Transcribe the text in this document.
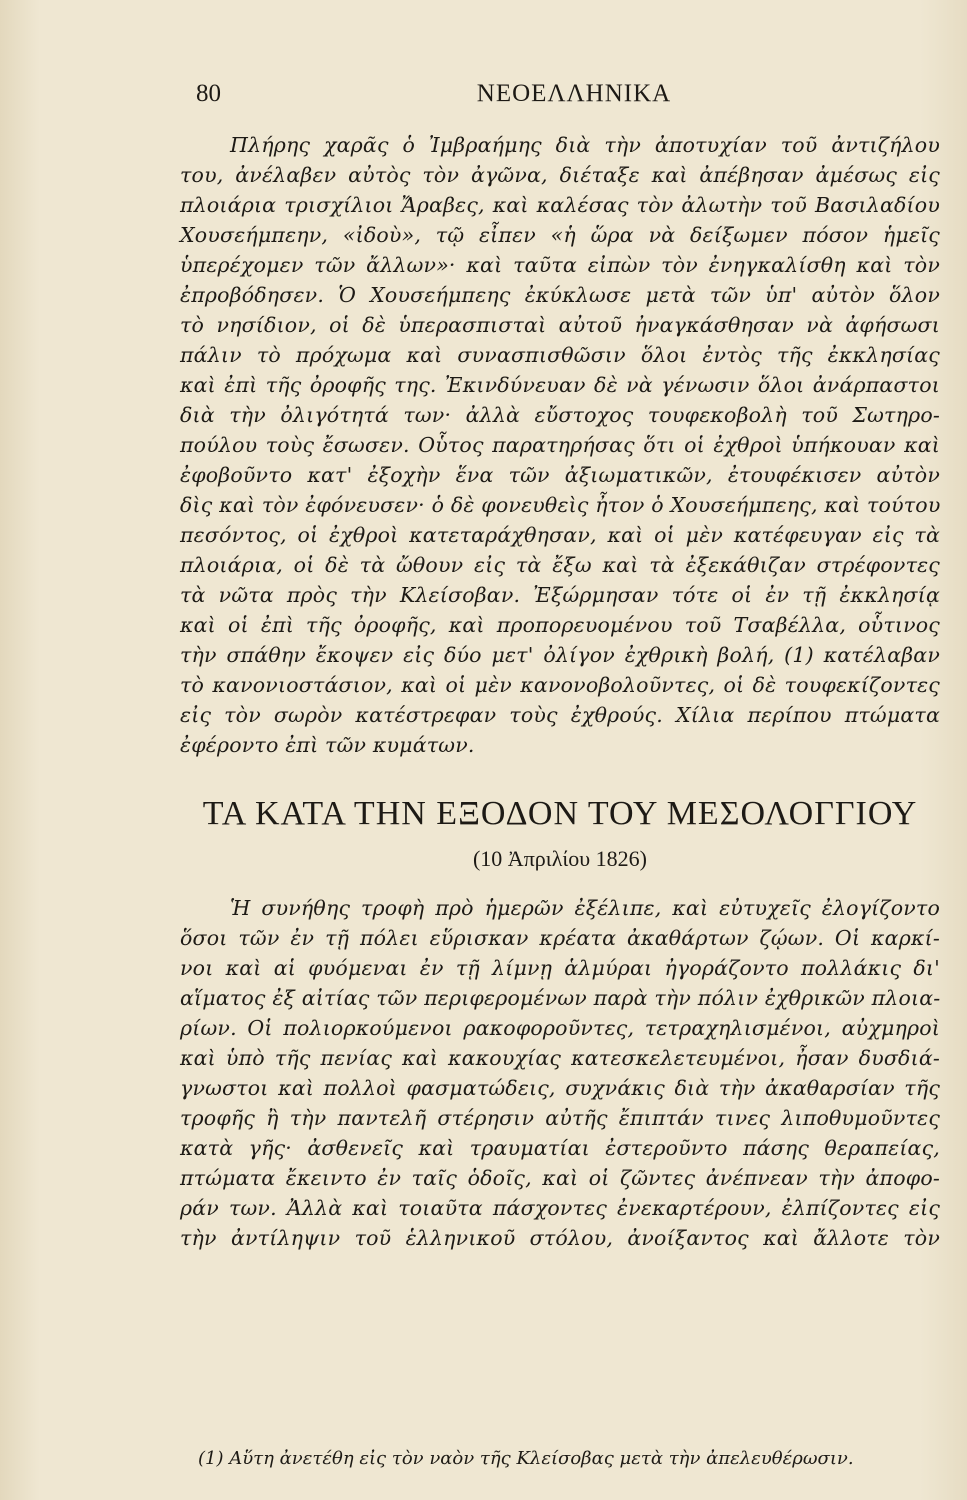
80	ΝΕΟΕΛΛΗΝΙΚΑ
Πλήρης χαρᾶς ὁ Ἰμβραήμης διὰ τὴν ἀποτυχίαν τοῦ ἀντιζήλου
του, ἀνέλαβεν αὐτὸς τὸν ἀγῶνα, διέταξε καὶ ἀπέβησαν ἀμέσως εἰς
πλοιάρια τρισχίλιοι Ἄραβες, καὶ καλέσας τὸν ἀλωτὴν τοῦ Βασιλαδίου
Χουσεήμπεην, «ἰδοὺ», τῷ εἶπεν «ἡ ὥρα νὰ δείξωμεν πόσον ἡμεῖς
ὑπερέχομεν τῶν ἄλλων»· καὶ ταῦτα εἰπὼν τὸν ἐνηγκαλίσθη καὶ τὸν
ἐπροβόδησεν. Ὁ Χουσεήμπεης ἐκύκλωσε μετὰ τῶν ὑπ' αὐτὸν ὅλον
τὸ νησίδιον, οἱ δὲ ὑπερασπισταὶ αὐτοῦ ἠναγκάσθησαν νὰ ἀφήσωσι
πάλιν τὸ πρόχωμα καὶ συνασπισθῶσιν ὅλοι ἐντὸς τῆς ἐκκλησίας
καὶ ἐπὶ τῆς ὀροφῆς της. Ἐκινδύνευαν δὲ νὰ γένωσιν ὅλοι ἀνάρπαστοι
διὰ τὴν ὀλιγότητά των· ἀλλὰ εὔστοχος τουφεκοβολὴ τοῦ Σωτηρο-
πούλου τοὺς ἔσωσεν. Οὗτος παρατηρήσας ὅτι οἱ ἐχθροὶ ὑπήκουαν καὶ
ἐφοβοῦντο κατ' ἐξοχὴν ἕνα τῶν ἀξιωματικῶν, ἐτουφέκισεν αὐτὸν
δὶς καὶ τὸν ἐφόνευσεν· ὁ δὲ φονευθεὶς ἦτον ὁ Χουσεήμπεης, καὶ τούτου
πεσόντος, οἱ ἐχθροὶ κατεταράχθησαν, καὶ οἱ μὲν κατέφευγαν εἰς τὰ
πλοιάρια, οἱ δὲ τὰ ὤθουν εἰς τὰ ἔξω καὶ τὰ ἐξεκάθιζαν στρέφοντες
τὰ νῶτα πρὸς τὴν Κλείσοβαν. Ἐξώρμησαν τότε οἱ ἐν τῇ ἐκκλησίᾳ
καὶ οἱ ἐπὶ τῆς ὀροφῆς, καὶ προπορευομένου τοῦ Τσαβέλλα, οὗτινος
τὴν σπάθην ἔκοψεν εἰς δύο μετ' ὀλίγον ἐχθρικὴ βολή, (1) κατέλαβαν
τὸ κανονιοστάσιον, καὶ οἱ μὲν κανονοβολοῦντες, οἱ δὲ τουφεκίζοντες
εἰς τὸν σωρὸν κατέστρεφαν τοὺς ἐχθρούς. Χίλια περίπου πτώματα
ἐφέροντο ἐπὶ τῶν κυμάτων.
ΤΑ ΚΑΤΑ ΤΗΝ ΕΞΟΔΟΝ ΤΟΥ ΜΕΣΟΛΟΓΓΙΟΥ
(10 Ἀπριλίου 1826)
Ἡ συνήθης τροφὴ πρὸ ἡμερῶν ἐξέλιπε, καὶ εὐτυχεῖς ἐλογίζοντο
ὅσοι τῶν ἐν τῇ πόλει εὕρισκαν κρέατα ἀκαθάρτων ζῴων. Οἱ καρκί-
νοι καὶ αἱ φυόμεναι ἐν τῇ λίμνῃ ἁλμύραι ἠγοράζοντο πολλάκις δι'
αἵματος ἐξ αἰτίας τῶν περιφερομένων παρὰ τὴν πόλιν ἐχθρικῶν πλοια-
ρίων. Οἱ πολιορκούμενοι ρακοφοροῦντες, τετραχηλισμένοι, αὐχμηροὶ
καὶ ὑπὸ τῆς πενίας καὶ κακουχίας κατεσκελετευμένοι, ἦσαν δυσδιά-
γνωστοι καὶ πολλοὶ φασματώδεις, συχνάκις διὰ τὴν ἀκαθαρσίαν τῆς
τροφῆς ἢ τὴν παντελῆ στέρησιν αὐτῆς ἔπιπτάν τινες λιποθυμοῦντες
κατὰ γῆς· ἀσθενεῖς καὶ τραυματίαι ἐστεροῦντο πάσης θεραπείας,
πτώματα ἔκειντο ἐν ταῖς ὁδοῖς, καὶ οἱ ζῶντες ἀνέπνεαν τὴν ἀποφο-
ράν των. Ἀλλὰ καὶ τοιαῦτα πάσχοντες ἐνεκαρτέρουν, ἐλπίζοντες εἰς
τὴν ἀντίληψιν τοῦ ἑλληνικοῦ στόλου, ἀνοίξαντος καὶ ἄλλοτε τὸν
(1) Αὕτη ἀνετέθη εἰς τὸν ναὸν τῆς Κλείσοβας μετὰ τὴν ἀπελευθέρωσιν.
